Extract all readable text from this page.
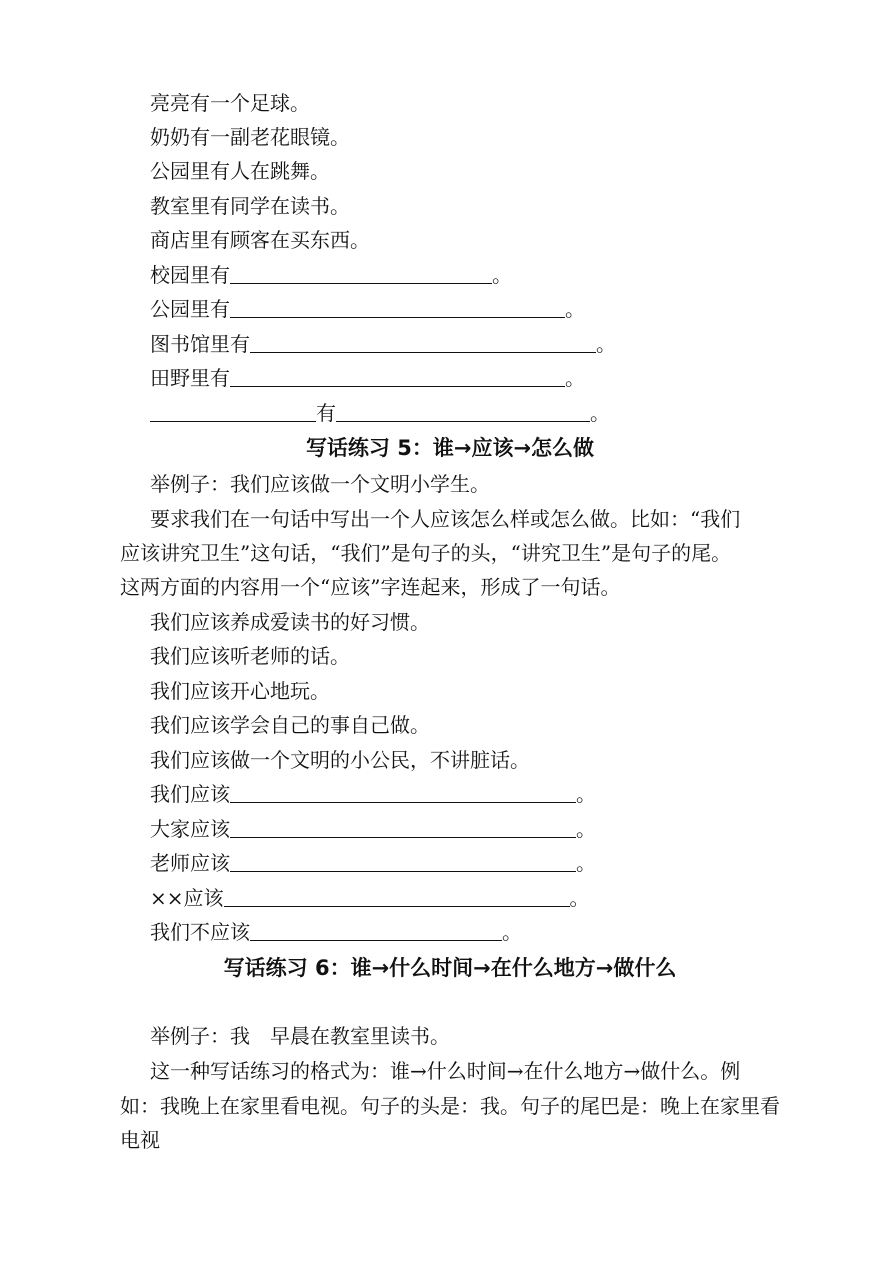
亮亮有一个足球。
奶奶有一副老花眼镜。
公园里有人在跳舞。
教室里有同学在读书。
商店里有顾客在买东西。
校园里有	。
公园里有	。
图书馆里有	。
田野里有	。
有	。
写话练习 5：谁→应该→怎么做
举例子：我们应该做一个文明小学生。
要求我们在一句话中写出一个人应该怎么样或怎么做。比如：“我们
应该讲究卫生”这句话，“我们”是句子的头，“讲究卫生”是句子的尾。
这两方面的内容用一个“应该”字连起来，形成了一句话。
我们应该养成爱读书的好习惯。
我们应该听老师的话。
我们应该开心地玩。
我们应该学会自己的事自己做。
我们应该做一个文明的小公民，不讲脏话。
我们应该	。
大家应该	。
老师应该	。
××应该	。
我们不应该	。
写话练习 6：谁→什么时间→在什么地方→做什么
举例子：我　早晨在教室里读书。
这一种写话练习的格式为：谁→什么时间→在什么地方→做什么。例
如：我晚上在家里看电视。句子的头是：我。句子的尾巴是：晚上在家里看
电视
